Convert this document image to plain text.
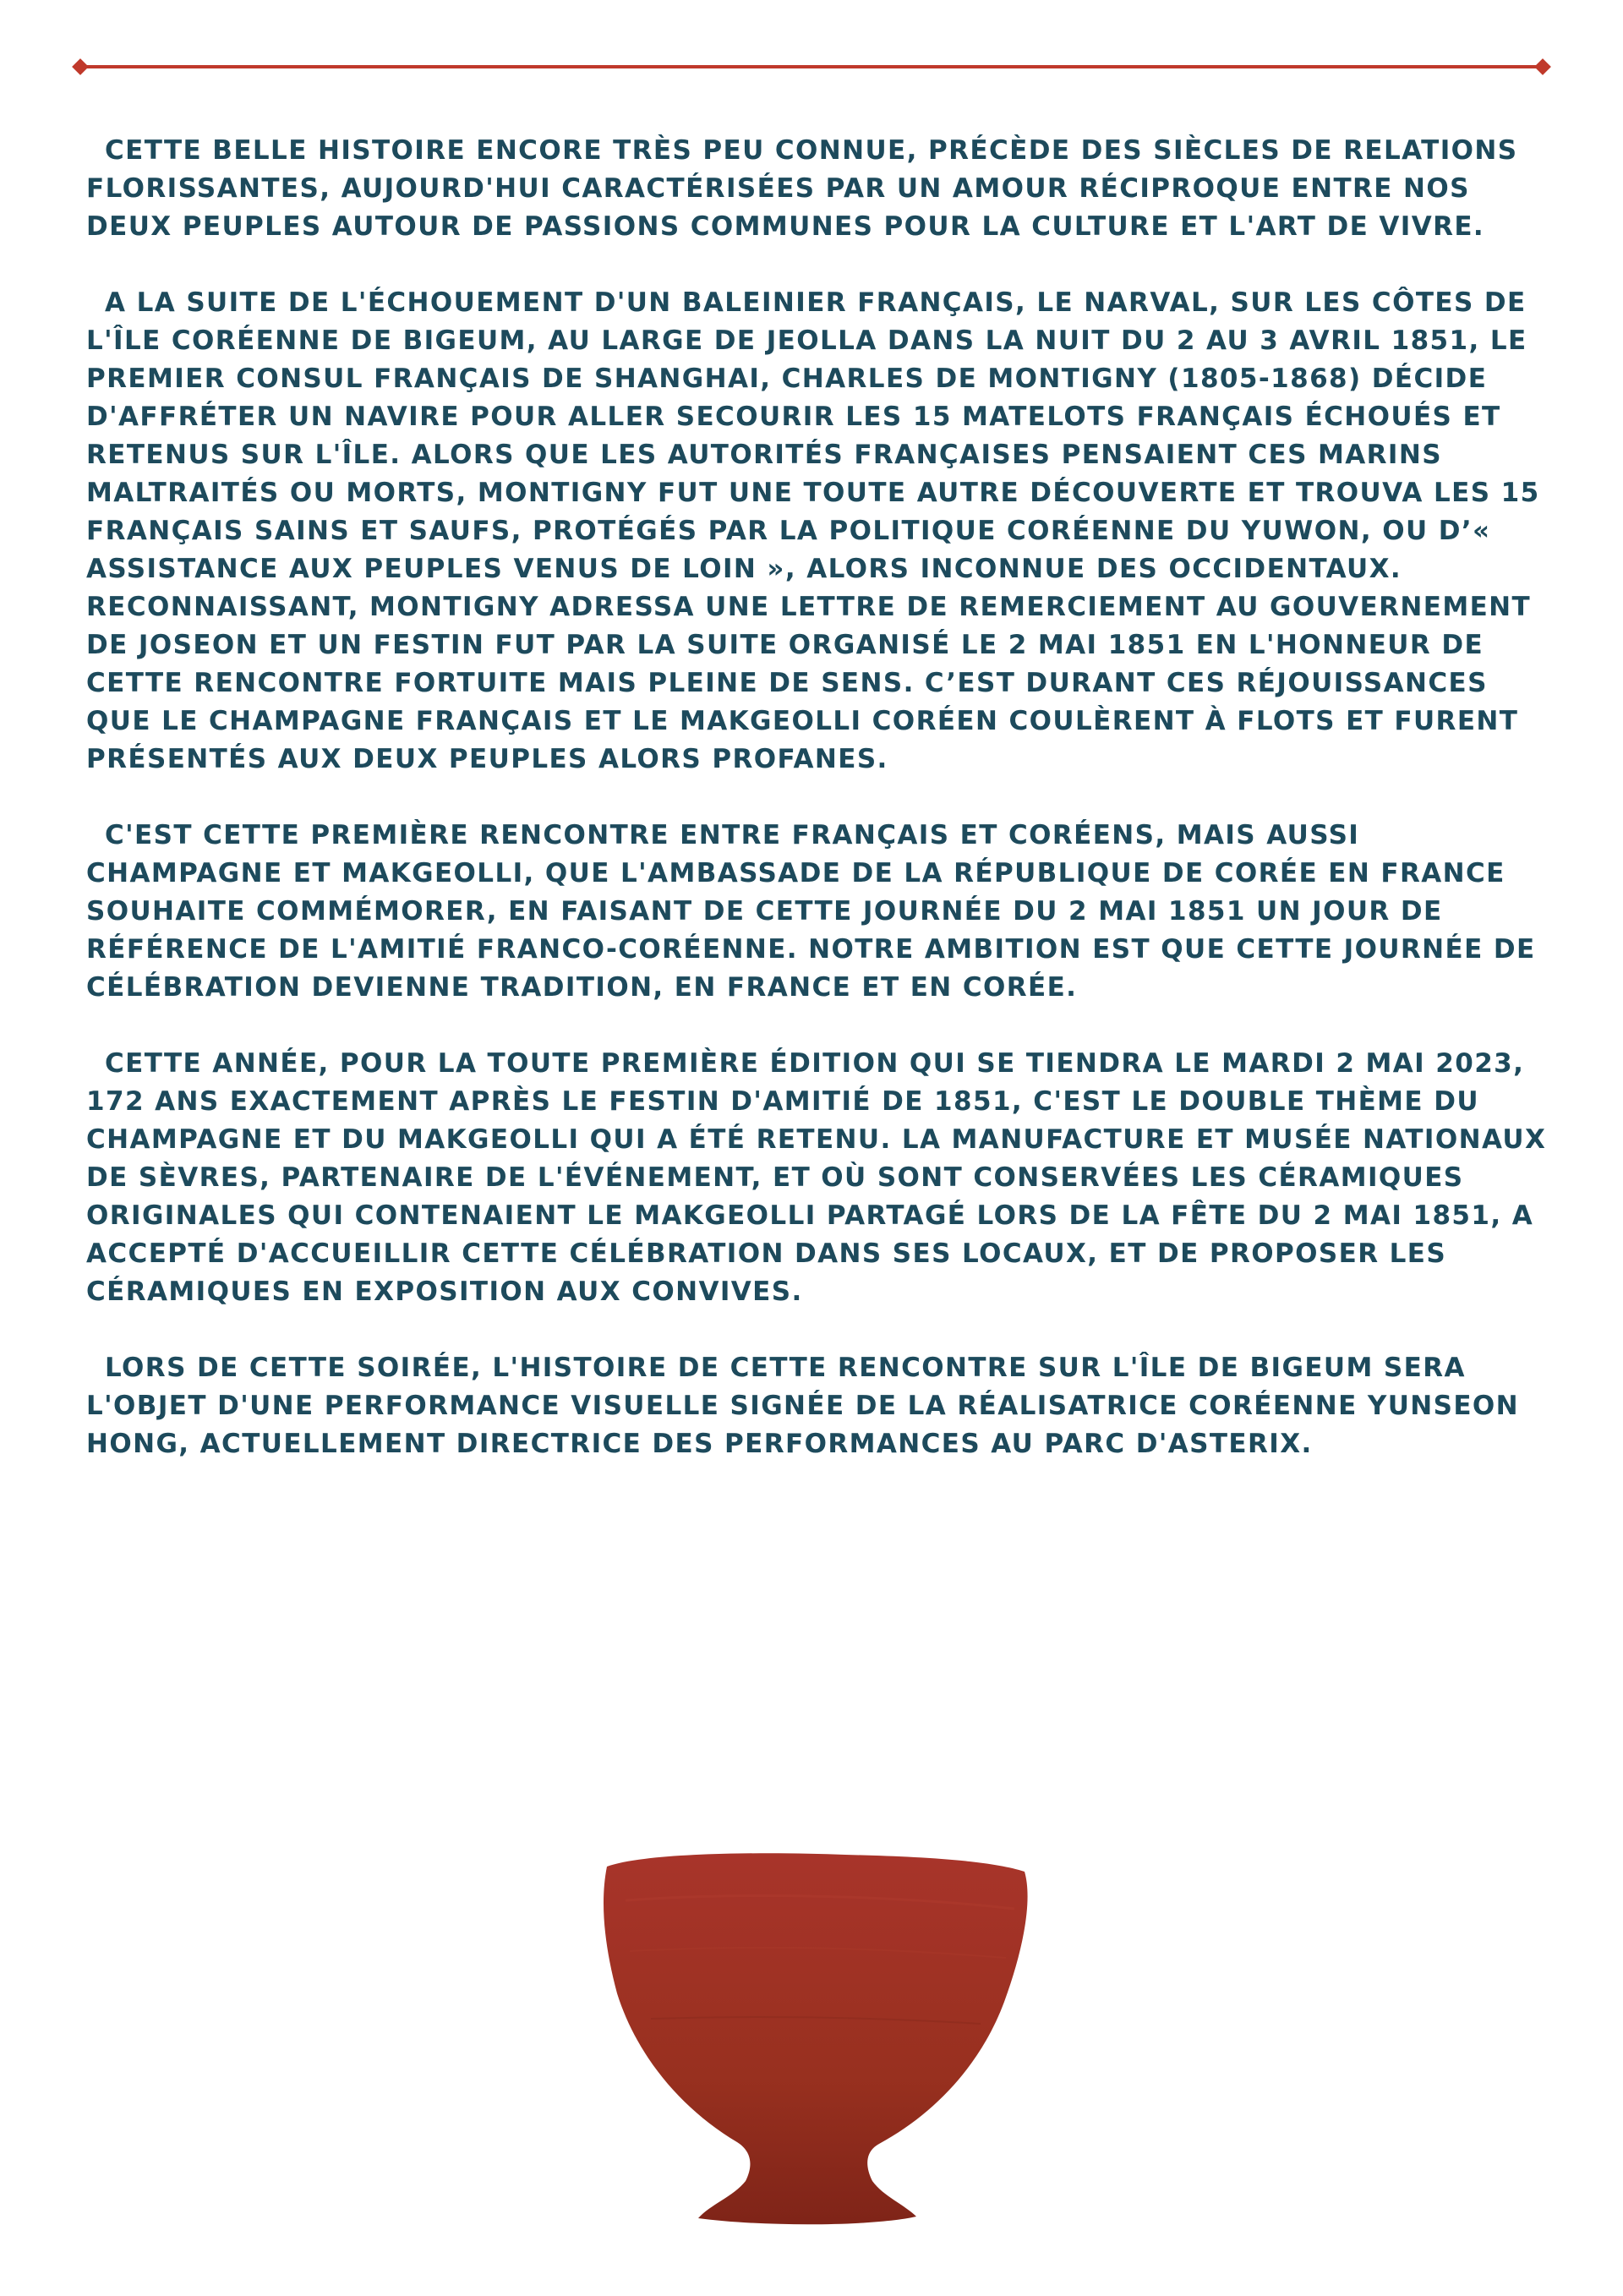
CETTE BELLE HISTOIRE ENCORE TRÈS PEU CONNUE, PRÉCÈDE DES SIÈCLES DE RELATIONS FLORISSANTES, AUJOURD'HUI CARACTÉRISÉES PAR UN AMOUR RÉCIPROQUE ENTRE NOS DEUX PEUPLES AUTOUR DE PASSIONS COMMUNES POUR LA CULTURE ET L'ART DE VIVRE.

A LA SUITE DE L'ÉCHOUEMENT D'UN BALEINIER FRANÇAIS, LE NARVAL, SUR LES CÔTES DE L'ÎLE CORÉENNE DE BIGEUM, AU LARGE DE JEOLLA DANS LA NUIT DU 2 AU 3 AVRIL 1851, LE PREMIER CONSUL FRANÇAIS DE SHANGHAI, CHARLES DE MONTIGNY (1805-1868) DÉCIDE D'AFFRÉTER UN NAVIRE POUR ALLER SECOURIR LES 15 MATELOTS FRANÇAIS ÉCHOUÉS ET RETENUS SUR L'ÎLE. ALORS QUE LES AUTORITÉS FRANÇAISES PENSAIENT CES MARINS MALTRAITÉS OU MORTS, MONTIGNY FUT UNE TOUTE AUTRE DÉCOUVERTE ET TROUVA LES 15 FRANÇAIS SAINS ET SAUFS, PROTÉGÉS PAR LA POLITIQUE CORÉENNE DU YUWON, OU D’« ASSISTANCE AUX PEUPLES VENUS DE LOIN », ALORS INCONNUE DES OCCIDENTAUX. RECONNAISSANT, MONTIGNY ADRESSA UNE LETTRE DE REMERCIEMENT AU GOUVERNEMENT DE JOSEON ET UN FESTIN FUT PAR LA SUITE ORGANISÉ LE 2 MAI 1851 EN L'HONNEUR DE CETTE RENCONTRE FORTUITE MAIS PLEINE DE SENS. C’EST DURANT CES RÉJOUISSANCES QUE LE CHAMPAGNE FRANÇAIS ET LE MAKGEOLLI CORÉEN COULÈRENT À FLOTS ET FURENT PRÉSENTÉS AUX DEUX PEUPLES ALORS PROFANES.

C'EST CETTE PREMIÈRE RENCONTRE ENTRE FRANÇAIS ET CORÉENS, MAIS AUSSI CHAMPAGNE ET MAKGEOLLI, QUE L'AMBASSADE DE LA RÉPUBLIQUE DE CORÉE EN FRANCE SOUHAITE COMMÉMORER, EN FAISANT DE CETTE JOURNÉE DU 2 MAI 1851 UN JOUR DE RÉFÉRENCE DE L'AMITIÉ FRANCO-CORÉENNE. NOTRE AMBITION EST QUE CETTE JOURNÉE DE CÉLÉBRATION DEVIENNE TRADITION, EN FRANCE ET EN CORÉE.

CETTE ANNÉE, POUR LA TOUTE PREMIÈRE ÉDITION QUI SE TIENDRA LE MARDI 2 MAI 2023, 172 ANS EXACTEMENT APRÈS LE FESTIN D'AMITIÉ DE 1851, C'EST LE DOUBLE THÈME DU CHAMPAGNE ET DU MAKGEOLLI QUI A ÉTÉ RETENU. LA MANUFACTURE ET MUSÉE NATIONAUX DE SÈVRES, PARTENAIRE DE L'ÉVÉNEMENT, ET OÙ SONT CONSERVÉES LES CÉRAMIQUES ORIGINALES QUI CONTENAIENT LE MAKGEOLLI PARTAGÉ LORS DE LA FÊTE DU 2 MAI 1851, A ACCEPTÉ D'ACCUEILLIR CETTE CÉLÉBRATION DANS SES LOCAUX, ET DE PROPOSER LES CÉRAMIQUES EN EXPOSITION AUX CONVIVES.

LORS DE CETTE SOIRÉE, L'HISTOIRE DE CETTE RENCONTRE SUR L'ÎLE DE BIGEUM SERA L'OBJET D'UNE PERFORMANCE VISUELLE SIGNÉE DE LA RÉALISATRICE CORÉENNE YUNSEON HONG, ACTUELLEMENT DIRECTRICE DES PERFORMANCES AU PARC D'ASTERIX.
